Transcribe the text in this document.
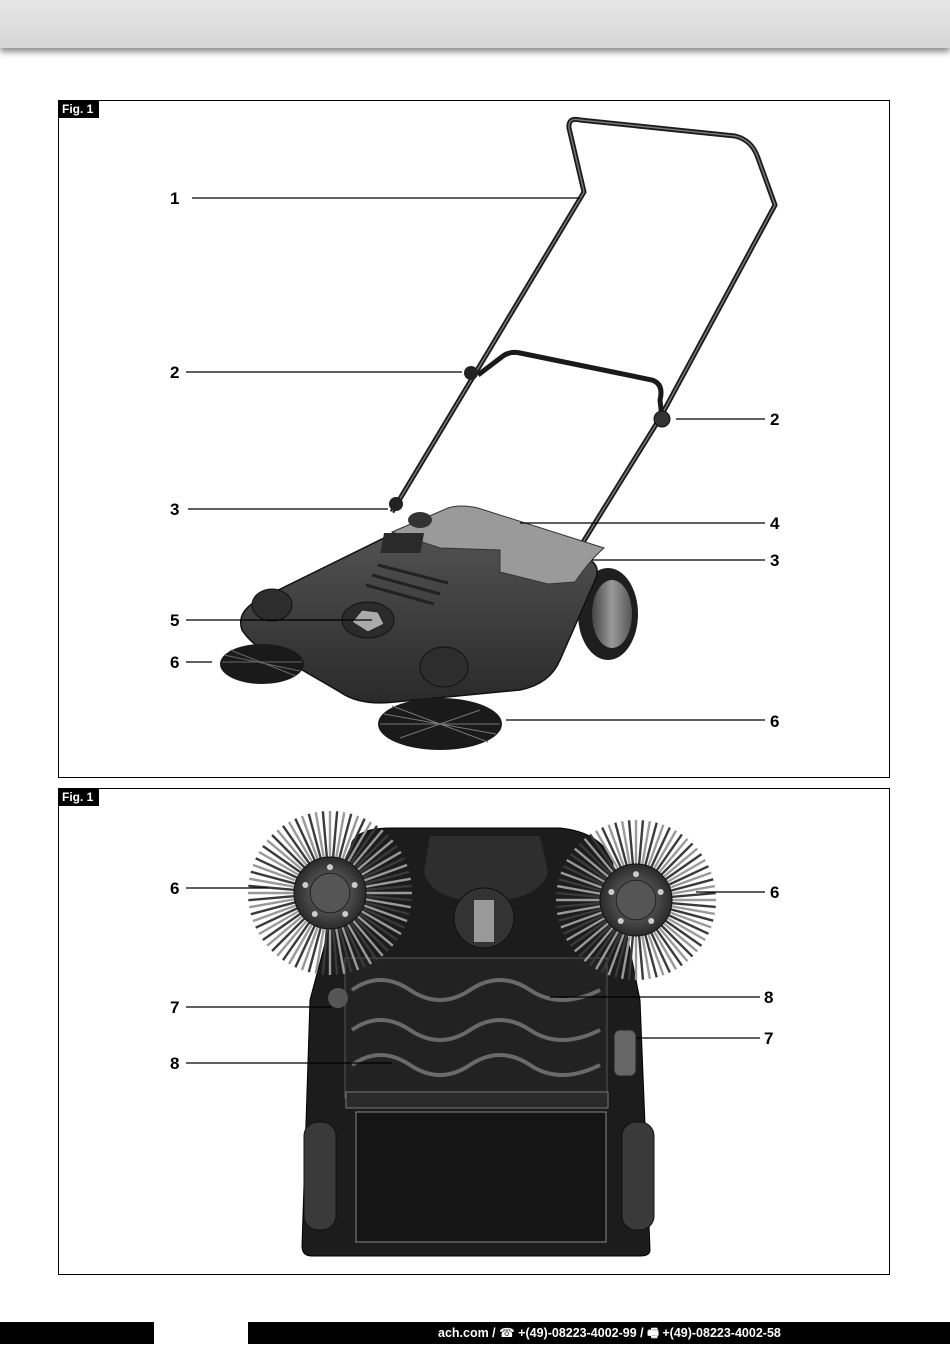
Fig. 1
Fig. 1
1
2
2
3
3
4
5
6
6
6	6
7
7
8
8
ach.com / ☎ +(49)-08223-4002-99 / 🖷 +(49)-08223-4002-58
